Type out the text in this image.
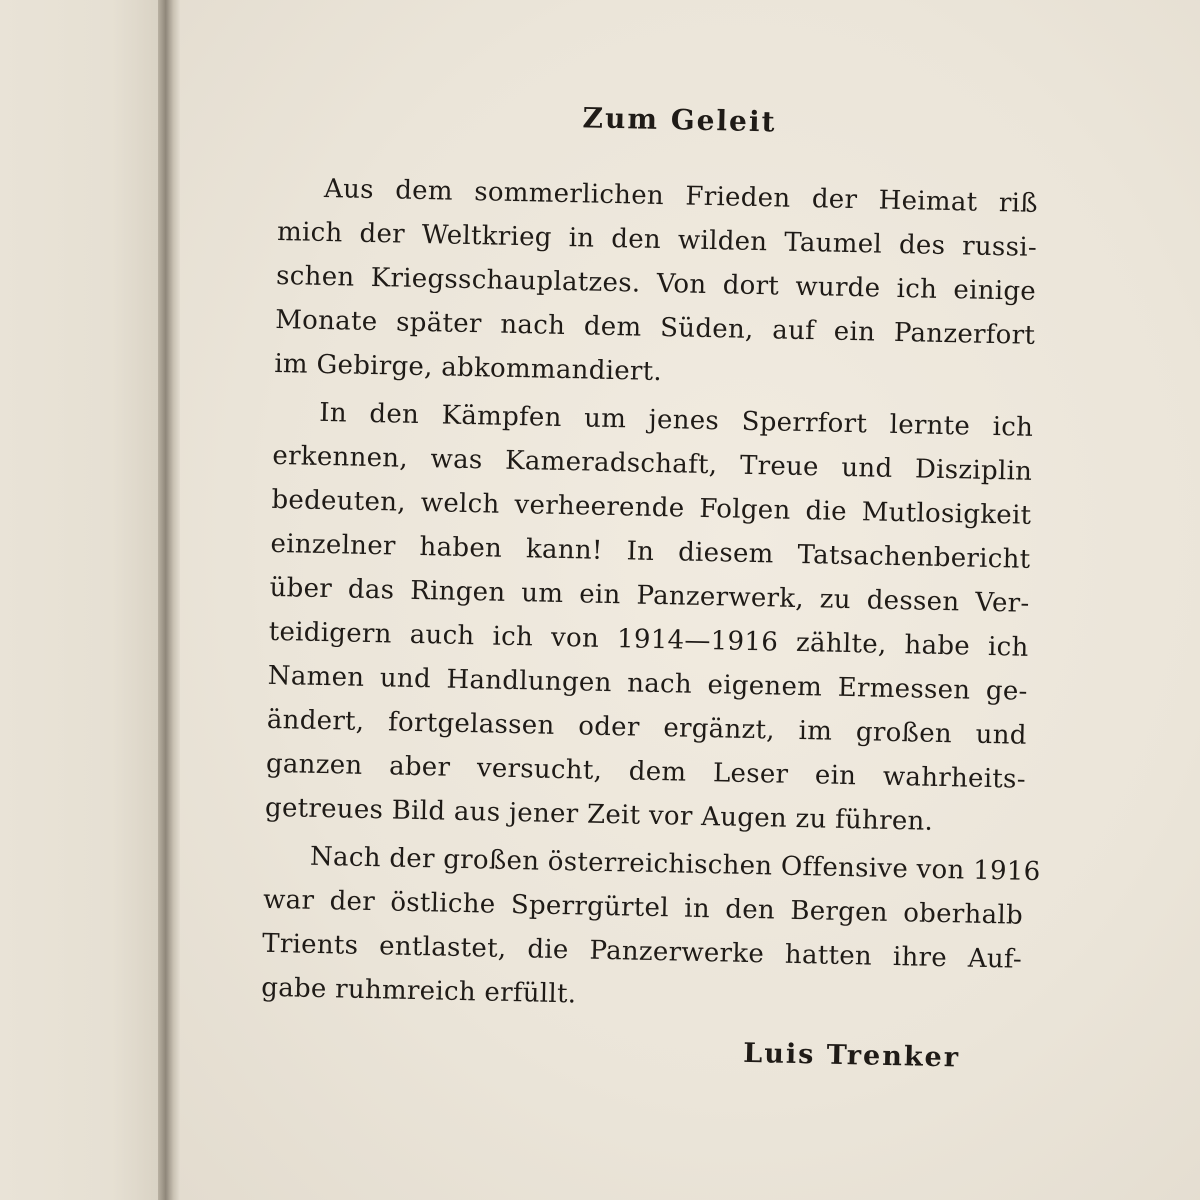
Zum Geleit
Aus dem sommerlichen Frieden der Heimat riß
mich der Weltkrieg in den wilden Taumel des russi-
schen Kriegsschauplatzes. Von dort wurde ich einige
Monate später nach dem Süden, auf ein Panzerfort
im Gebirge, abkommandiert.
In den Kämpfen um jenes Sperrfort lernte ich
erkennen, was Kameradschaft, Treue und Disziplin
bedeuten, welch verheerende Folgen die Mutlosigkeit
einzelner haben kann! In diesem Tatsachenbericht
über das Ringen um ein Panzerwerk, zu dessen Ver-
teidigern auch ich von 1914—1916 zählte, habe ich
Namen und Handlungen nach eigenem Ermessen ge-
ändert, fortgelassen oder ergänzt, im großen und
ganzen aber versucht, dem Leser ein wahrheits-
getreues Bild aus jener Zeit vor Augen zu führen.
Nach der großen österreichischen Offensive von 1916
war der östliche Sperrgürtel in den Bergen oberhalb
Trients entlastet, die Panzerwerke hatten ihre Auf-
gabe ruhmreich erfüllt.
Luis Trenker
